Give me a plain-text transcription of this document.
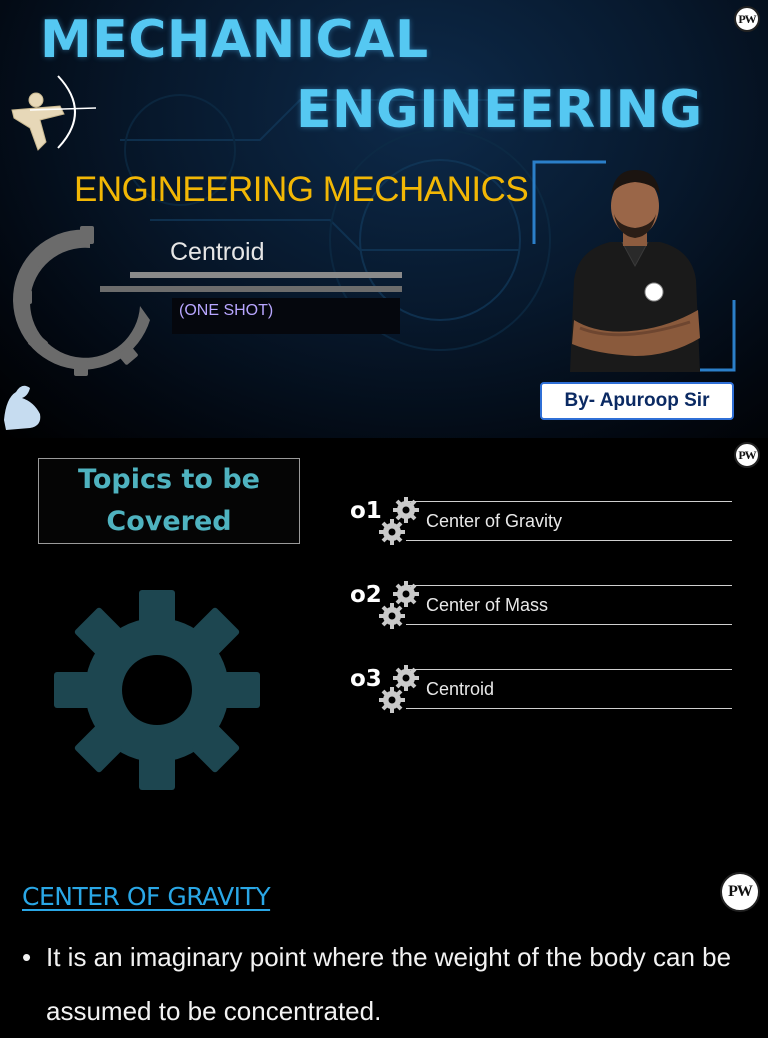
PW
MECHANICAL
ENGINEERING
ENGINEERING MECHANICS
Centroid
(ONE SHOT)
By- Apuroop Sir
PW
Topics to be Covered	o1 Center of Gravity
o2 Center of Mass
o3 Centroid
PW
CENTER OF GRAVITY
• It is an imaginary point where the weight of the body can be assumed to be concentrated.
